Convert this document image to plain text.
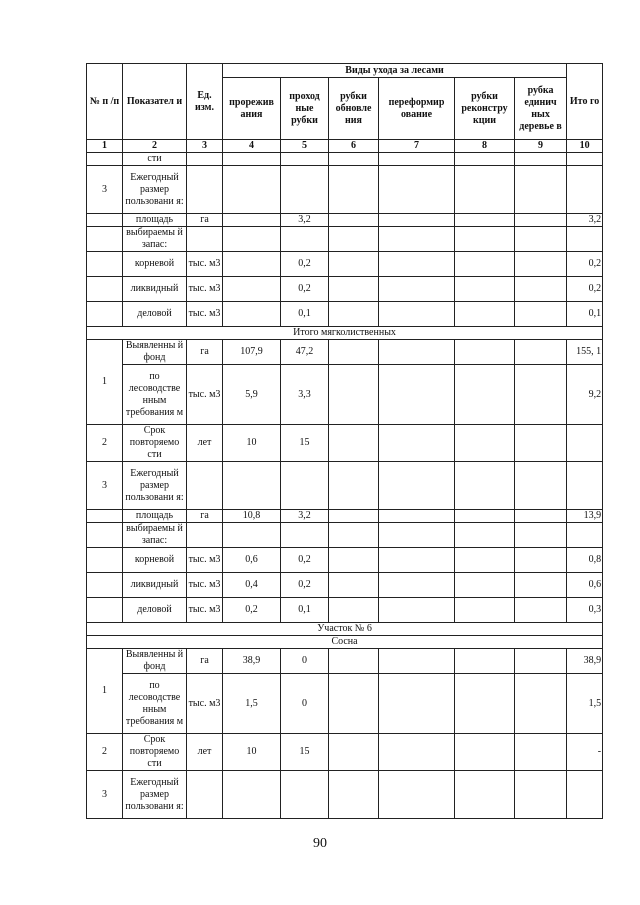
№ п /п	Показател и	Ед. изм.	Виды ухода за лесами						Ито го
			прорежив ания	проход ные рубки	рубки обновле ния	переформир ование	рубки реконстру кции	рубка единич ных деревье в	
1	2	3	4	5	6	7	8	9	10
	сти								
3	Ежегодный размер пользовани я:								
	площадь	га		3,2					3,2
	выбираемы й запас:								
	корневой	тыс. м3		0,2					0,2
	ликвидный	тыс. м3		0,2					0,2
	деловой	тыс. м3		0,1					0,1
Итого мягколиственных									
1	Выявленны й фонд	га	107,9	47,2					155, 1
	по лесоводстве нным требования м	тыс. м3	5,9	3,3					9,2
2	Срок повторяемо сти	лет	10	15					
3	Ежегодный размер пользовани я:								
	площадь	га	10,8	3,2					13,9
	выбираемы й запас:								
	корневой	тыс. м3	0,6	0,2					0,8
	ликвидный	тыс. м3	0,4	0,2					0,6
	деловой	тыс. м3	0,2	0,1					0,3
Участок № 6									
Сосна									
1	Выявленны й фонд	га	38,9	0					38,9
	по лесоводстве нным требования м	тыс. м3	1,5	0					1,5
2	Срок повторяемо сти	лет	10	15					-
3	Ежегодный размер пользовани я:								
90
